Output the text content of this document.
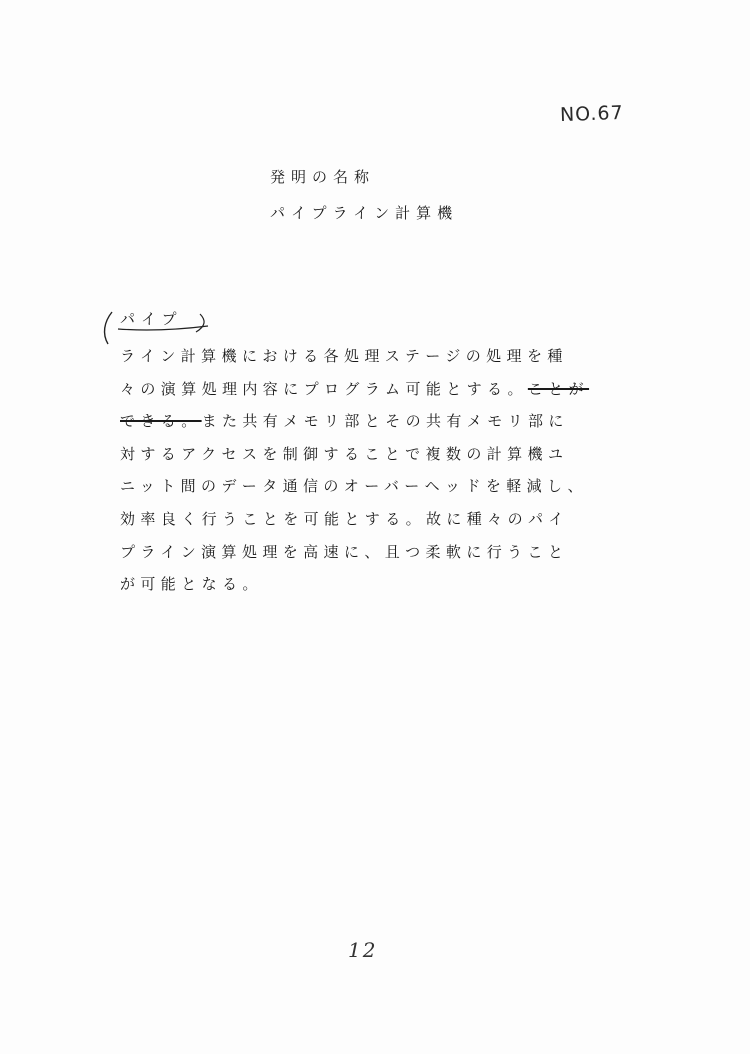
NO.67
発明の名称
パイプライン計算機
パイプ
ライン計算機における各処理ステージの処理を種
々の演算処理内容にプログラム可能とする。ことが
できる。また共有メモリ部とその共有メモリ部に
対するアクセスを制御することで複数の計算機ユ
ニット間のデータ通信のオーバーヘッドを軽減し、
効率良く行うことを可能とする。故に種々のパイ
プライン演算処理を高速に、且つ柔軟に行うこと
が可能となる。
12
